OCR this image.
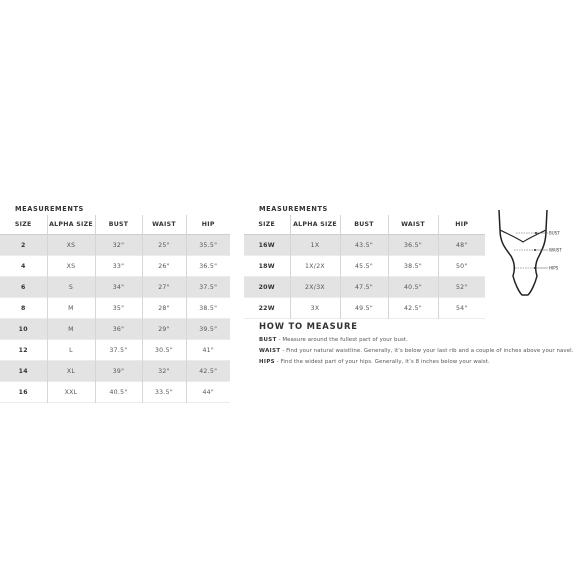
MEASUREMENTS
SIZE	ALPHA SIZE	BUST	WAIST	HIP
2	XS	32"	25"	35.5"
4	XS	33"	26"	36.5"
6	S	34"	27"	37.5"
8	M	35"	28"	38.5"
10	M	36"	29"	39.5"
12	L	37.5"	30.5"	41"
14	XL	39"	32"	42.5"
16	XXL	40.5"	33.5"	44"
MEASUREMENTS
SIZE	ALPHA SIZE	BUST	WAIST	HIP
16W	1X	43.5"	36.5"	48"
18W	1X/2X	45.5"	38.5"	50"
20W	2X/3X	47.5"	40.5"	52"
22W	3X	49.5"	42.5"	54"
HOW TO MEASURE
BUST - Measure around the fullest part of your bust.
WAIST - Find your natural waistline. Generally, it’s below your last rib and a couple of inches above your navel.
HIPS - Find the widest part of your hips. Generally, it’s 8 inches below your waist.
BUST
WAIST
HIPS
